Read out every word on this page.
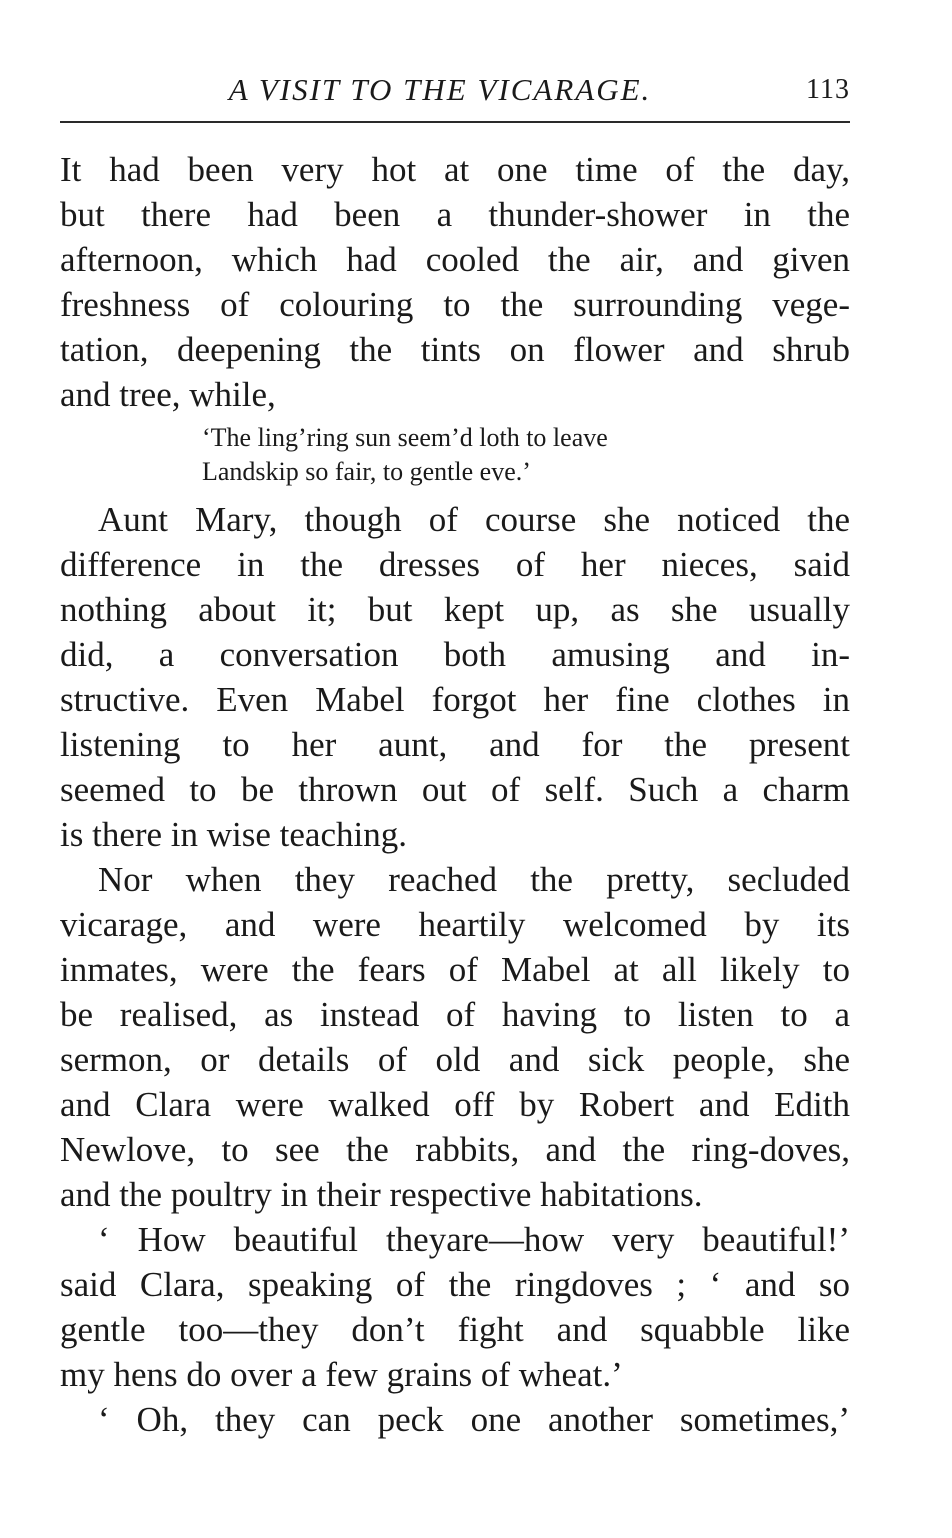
A VISIT TO THE VICARAGE.	113
It had been very hot at one time of the day,
but there had been a thunder-shower in the
afternoon, which had cooled the air, and given
freshness of colouring to the surrounding vege-
tation, deepening the tints on flower and shrub
and tree, while,
‘The ling’ring sun seem’d loth to leave
Landskip so fair, to gentle eve.’
Aunt Mary, though of course she noticed the
difference in the dresses of her nieces, said
nothing about it; but kept up, as she usually
did, a conversation both amusing and in-
structive. Even Mabel forgot her fine clothes in
listening to her aunt, and for the present
seemed to be thrown out of self. Such a charm
is there in wise teaching.
Nor when they reached the pretty, secluded
vicarage, and were heartily welcomed by its
inmates, were the fears of Mabel at all likely to
be realised, as instead of having to listen to a
sermon, or details of old and sick people, she
and Clara were walked off by Robert and Edith
Newlove, to see the rabbits, and the ring-doves,
and the poultry in their respective habitations.
‘ How beautiful theyare—how very beautiful!’
said Clara, speaking of the ringdoves ; ‘ and so
gentle too—they don’t fight and squabble like
my hens do over a few grains of wheat.’
‘ Oh, they can peck one another sometimes,’
